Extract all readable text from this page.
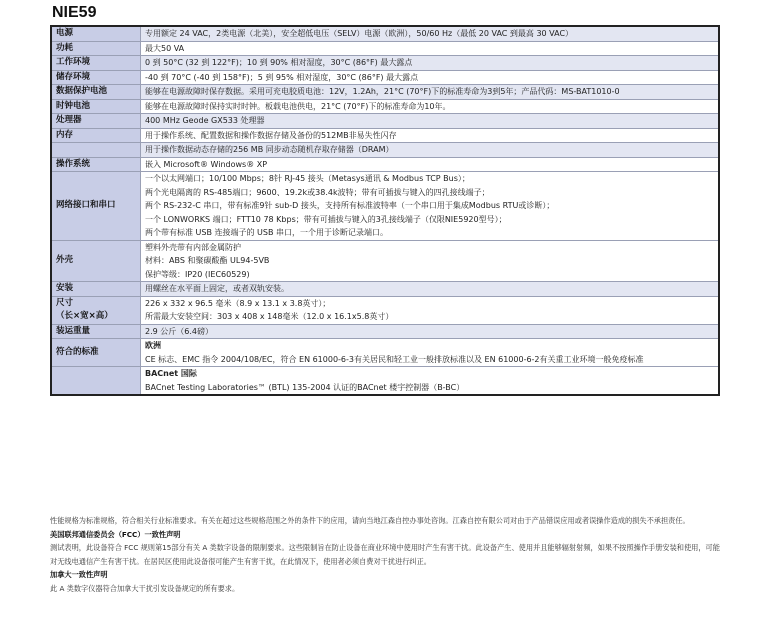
NIE59
电源	专用额定 24 VAC，2类电源（北美），安全超低电压（SELV）电源（欧洲），50/60 Hz（最低 20 VAC 到最高 30 VAC）

功耗	最大50 VA

工作环境	0 到 50°C (32 到 122°F)；10 到 90% 相对湿度，30°C (86°F) 最大露点

储存环境	-40 到 70°C (-40 到 158°F)；5 到 95% 相对湿度，30°C (86°F) 最大露点

数据保护电池	能够在电源故障时保存数据。采用可充电胶质电池：12V，1.2Ah，21°C (70°F)下的标准寿命为3到5年；产品代码：MS-BAT1010-0

时钟电池	能够在电源故障时保持实时时钟。板载电池供电，21°C (70°F)下的标准寿命为10年。

处理器	400 MHz Geode GX533 处理器

内存	用于操作系统、配置数据和操作数据存储及备份的512MB非易失性闪存

	用于操作数据动态存储的256 MB 同步动态随机存取存储器（DRAM）

操作系统	嵌入 Microsoft® Windows® XP

网络接口和串口	一个以太网端口；10/100 Mbps；8针 RJ-45 接头（Metasys通讯 & Modbus TCP Bus）；
两个光电隔离的 RS-485端口；9600、19.2k或38.4k波特；带有可插拔与键入的四孔接线端子；
两个 RS-232-C 串口，带有标准9针 sub-D 接头，支持所有标准波特率（一个串口用于集成Modbus RTU或诊断）；
一个 LONWORKS 端口；FTT10 78 Kbps；带有可插拔与键入的3孔接线端子（仅限NIE5920型号）；
两个带有标准 USB 连接端子的 USB 串口，一个用于诊断记录端口。

外壳	塑料外壳带有内部金属防护
材料：ABS 和聚碳酸酯 UL94-5VB
保护等级：IP20 (IEC60529)

安装	用螺丝在水平面上固定，或者双轨安装。

尺寸
（长×宽×高）	226 x 332 x 96.5 毫米（8.9 x 13.1 x 3.8英寸）；
所需最大安装空间：303 x 408 x 148毫米（12.0 x 16.1x5.8英寸）

装运重量	2.9 公斤（6.4磅）

符合的标准	欧洲
CE 标志、EMC 指令 2004/108/EC，符合 EN 61000-6-3有关居民和轻工业一般排放标准以及 EN 61000-6-2有关重工业环境一般免疫标准

	BACnet 国际
BACnet Testing Laboratories™ (BTL) 135-2004 认证的BACnet 楼宇控制器（B-BC）

性能规格为标准规格，符合相关行业标准要求。有关在超过这些规格范围之外的条件下的应用，请向当地江森自控办事处咨询。江森自控有限公司对由于产品错误应用或者误操作造成的损失不承担责任。

美国联邦通信委员会（FCC）一致性声明

测试表明，此设备符合 FCC 规则第15部分有关 A 类数字设备的限制要求。这些限制旨在防止设备在商业环境中使用时产生有害干扰。此设备产生、使用并且能够辐射射频，如果不按照操作手册安装和使用，可能对无线电通信产生有害干扰。在居民区使用此设备很可能产生有害干扰，在此情况下，使用者必须自费对干扰进行纠正。

加拿大一致性声明

此 A 类数字仪器符合加拿大干扰引发设备规定的所有要求。
